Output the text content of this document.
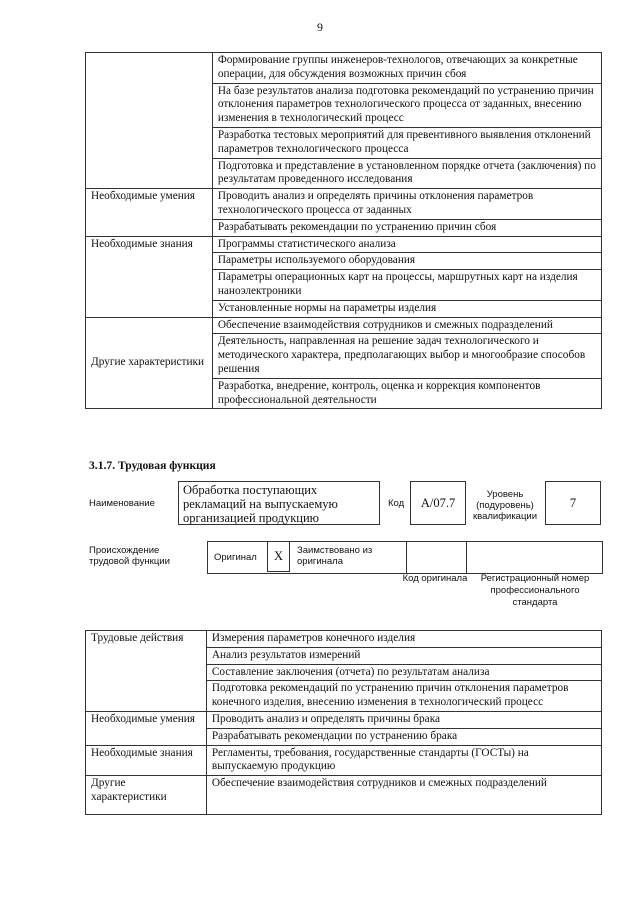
9
	Формирование группы инженеров-технологов, отвечающих за конкретные операции, для обсуждения возможных причин сбоя
	На базе результатов анализа подготовка рекомендаций по устранению причин отклонения параметров технологического процесса от заданных, внесению изменения в технологический процесс
	Разработка тестовых мероприятий для превентивного выявления отклонений параметров технологического процесса
	Подготовка и представление в установленном порядке отчета (заключения) по результатам проведенного исследования
Необходимые умения	Проводить анализ и определять причины отклонения параметров технологического процесса от заданных
	Разрабатывать рекомендации по устранению причин сбоя
Необходимые знания	Программы статистического анализа
	Параметры используемого оборудования
	Параметры операционных карт на процессы, маршрутных карт на изделия наноэлектроники
	Установленные нормы на параметры изделия
Другие характеристики	Обеспечение взаимодействия сотрудников и смежных подразделений
	Деятельность, направленная на решение задач технологического и методического характера, предполагающих выбор и многообразие способов решения
	Разработка, внедрение, контроль, оценка и коррекция компонентов профессиональной деятельности
3.1.7. Трудовая функция
Наименование
Обработка поступающих рекламаций на выпускаемую организацией продукцию
Код	A/07.7
Уровень (подуровень) квалификации
7
Происхождение трудовой функции	Оригинал	X	Заимствовано из оригинала
Код оригинала	Регистрационный номер профессионального стандарта
Трудовые действия	Измерения параметров конечного изделия
	Анализ результатов измерений
	Составление заключения (отчета) по результатам анализа
	Подготовка рекомендаций по устранению причин отклонения параметров конечного изделия, внесению изменения в технологический процесс
Необходимые умения	Проводить анализ и определять причины брака
	Разрабатывать рекомендации по устранению брака
Необходимые знания	Регламенты, требования, государственные стандарты (ГОСТы) на выпускаемую продукцию
Другие характеристики	Обеспечение взаимодействия сотрудников и смежных подразделений
